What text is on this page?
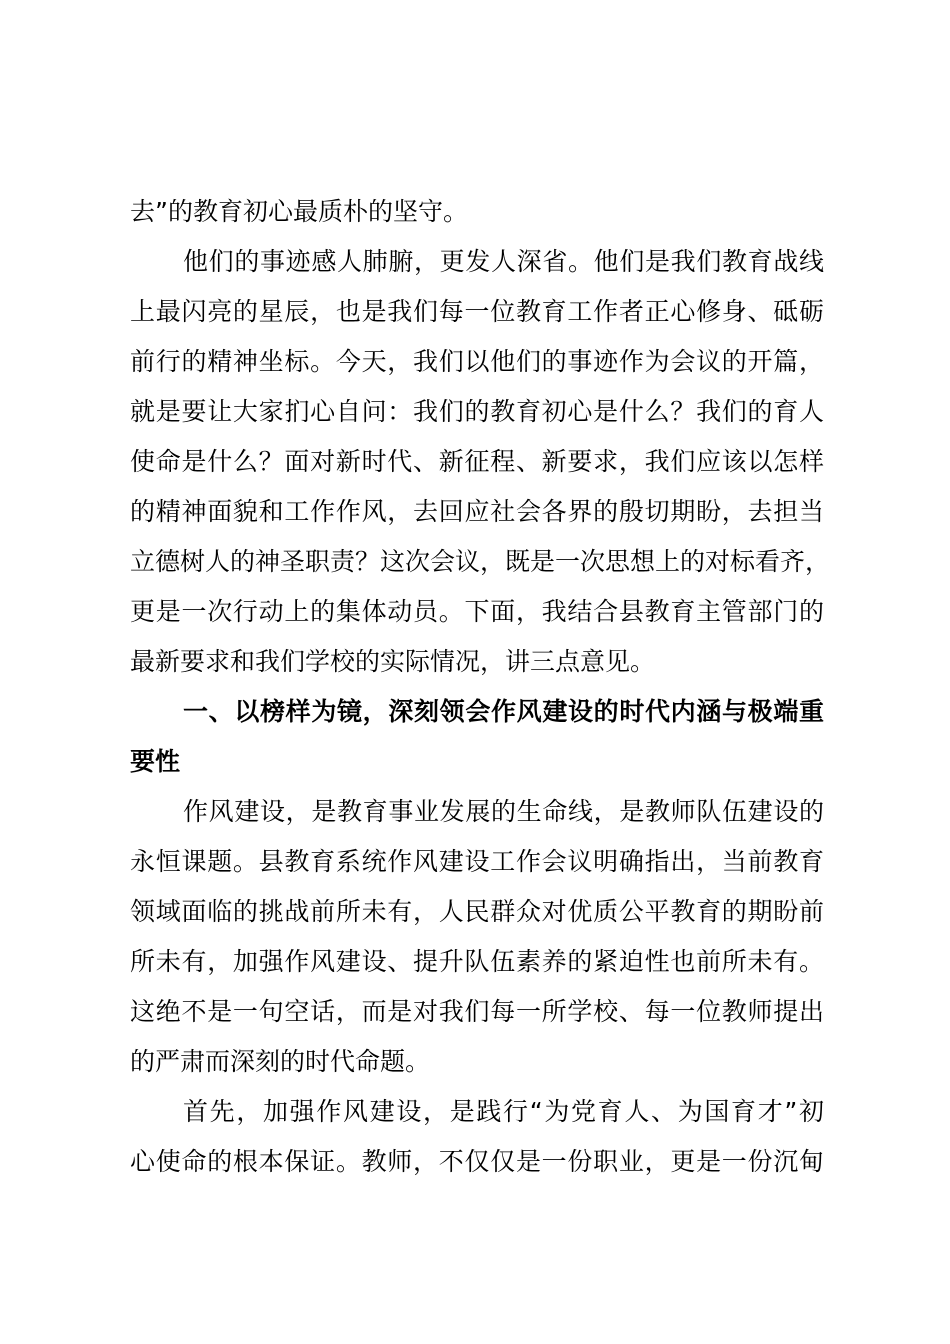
去”的教育初心最质朴的坚守。
他们的事迹感人肺腑，更发人深省。他们是我们教育战线
上最闪亮的星辰，也是我们每一位教育工作者正心修身、砥砺
前行的精神坐标。今天，我们以他们的事迹作为会议的开篇，
就是要让大家扪心自问：我们的教育初心是什么？我们的育人
使命是什么？面对新时代、新征程、新要求，我们应该以怎样
的精神面貌和工作作风，去回应社会各界的殷切期盼，去担当
立德树人的神圣职责？这次会议，既是一次思想上的对标看齐，
更是一次行动上的集体动员。下面，我结合县教育主管部门的
最新要求和我们学校的实际情况，讲三点意见。
一、以榜样为镜，深刻领会作风建设的时代内涵与极端重
要性
作风建设，是教育事业发展的生命线，是教师队伍建设的
永恒课题。县教育系统作风建设工作会议明确指出，当前教育
领域面临的挑战前所未有，人民群众对优质公平教育的期盼前
所未有，加强作风建设、提升队伍素养的紧迫性也前所未有。
这绝不是一句空话，而是对我们每一所学校、每一位教师提出
的严肃而深刻的时代命题。
首先，加强作风建设，是践行“为党育人、为国育才”初
心使命的根本保证。教师，不仅仅是一份职业，更是一份沉甸
